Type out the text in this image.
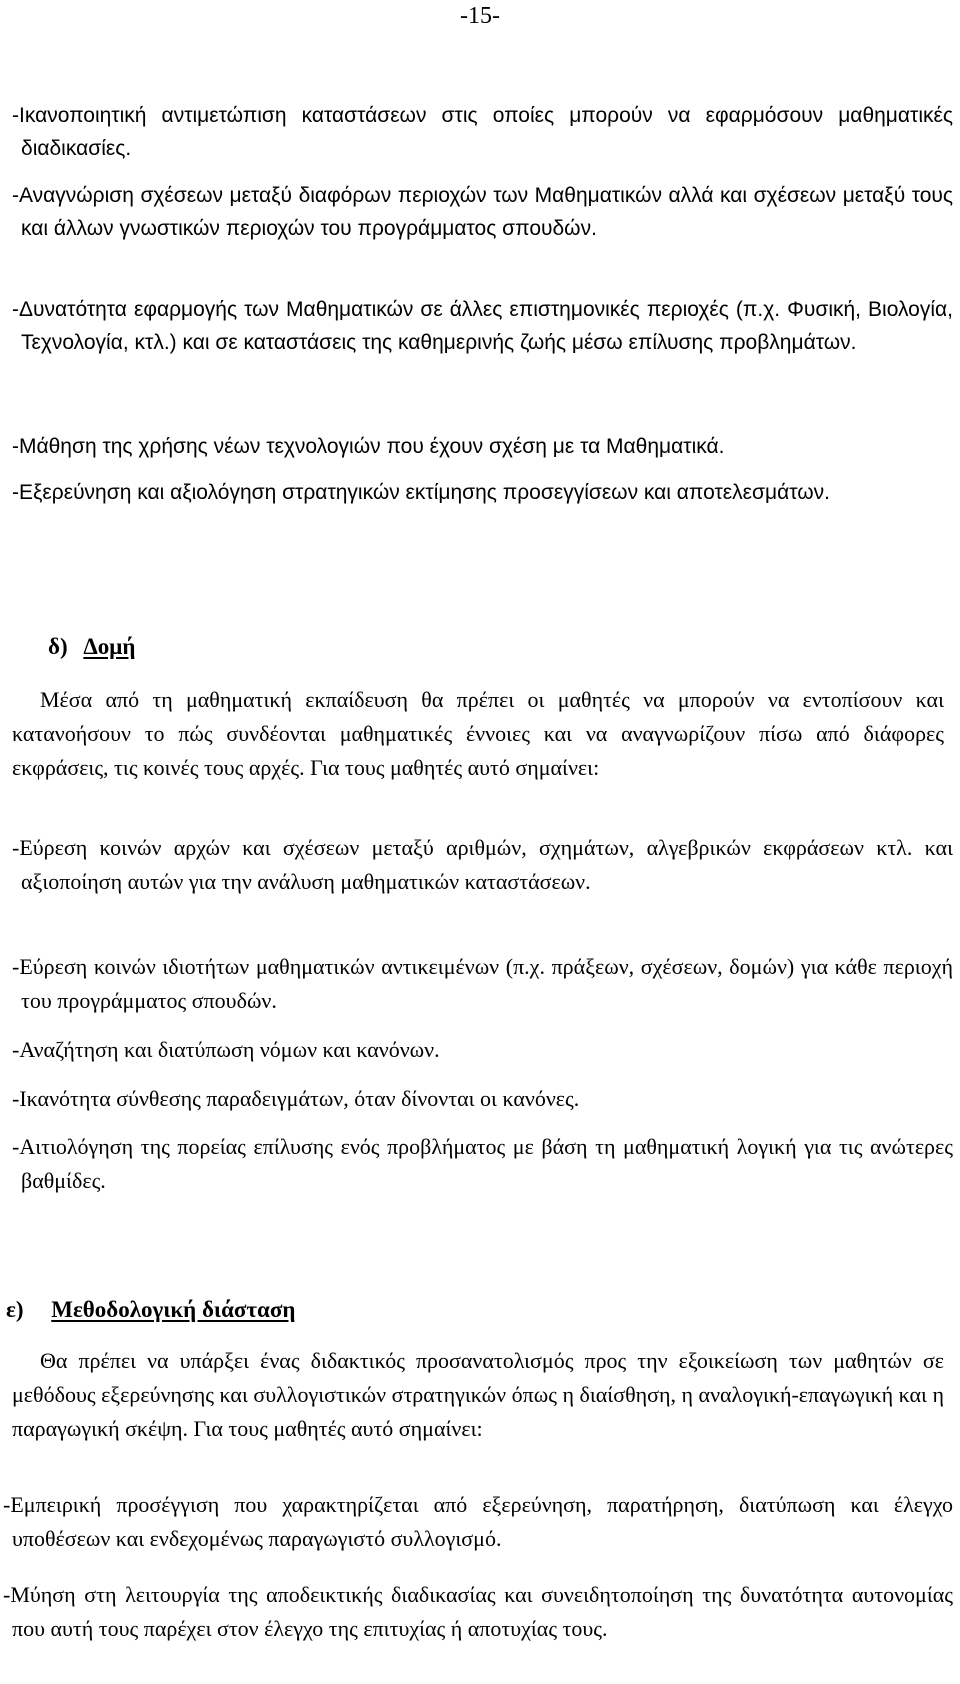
-15-

-Ικανοποιητική αντιμετώπιση καταστάσεων στις οποίες μπορούν να εφαρμόσουν μαθηματικές διαδικασίες.

-Αναγνώριση σχέσεων μεταξύ διαφόρων περιοχών των Μαθηματικών αλλά και σχέσεων μεταξύ τους και άλλων γνωστικών περιοχών του προγράμματος σπουδών.

-Δυνατότητα εφαρμογής των Μαθηματικών σε άλλες επιστημονικές περιοχές (π.χ. Φυσική, Βιολογία, Τεχνολογία, κτλ.) και σε καταστάσεις της καθημερινής ζωής μέσω επίλυσης προβλημάτων.

-Μάθηση της χρήσης νέων τεχνολογιών που έχουν σχέση με τα Μαθηματικά.

-Εξερεύνηση και αξιολόγηση στρατηγικών εκτίμησης προσεγγίσεων και αποτελεσμάτων.

δ) Δομή

Μέσα από τη μαθηματική εκπαίδευση θα πρέπει οι μαθητές να μπορούν να εντοπίσουν και κατανοήσουν το πώς συνδέονται μαθηματικές έννοιες και να αναγνωρίζουν πίσω από διάφορες εκφράσεις, τις κοινές τους αρχές. Για τους μαθητές αυτό σημαίνει:

-Εύρεση κοινών αρχών και σχέσεων μεταξύ αριθμών, σχημάτων, αλγεβρικών εκφράσεων κτλ. και αξιοποίηση αυτών για την ανάλυση μαθηματικών καταστάσεων.

-Εύρεση κοινών ιδιοτήτων μαθηματικών αντικειμένων (π.χ. πράξεων, σχέσεων, δομών) για κάθε περιοχή του προγράμματος σπουδών.

-Αναζήτηση και διατύπωση νόμων και κανόνων.

-Ικανότητα σύνθεσης παραδειγμάτων, όταν δίνονται οι κανόνες.

-Αιτιολόγηση της πορείας επίλυσης ενός προβλήματος με βάση τη μαθηματική λογική για τις ανώτερες βαθμίδες.

ε) Μεθοδολογική διάσταση

Θα πρέπει να υπάρξει ένας διδακτικός προσανατολισμός προς την εξοικείωση των μαθητών σε μεθόδους εξερεύνησης και συλλογιστικών στρατηγικών όπως η διαίσθηση, η αναλογική-επαγωγική και η παραγωγική σκέψη. Για τους μαθητές αυτό σημαίνει:

-Εμπειρική προσέγγιση που χαρακτηρίζεται από εξερεύνηση, παρατήρηση, διατύπωση και έλεγχο υποθέσεων και ενδεχομένως παραγωγιστό συλλογισμό.

-Μύηση στη λειτουργία της αποδεικτικής διαδικασίας και συνειδητοποίηση της δυνατότητα αυτονομίας που αυτή τους παρέχει στον έλεγχο της επιτυχίας ή αποτυχίας τους.
